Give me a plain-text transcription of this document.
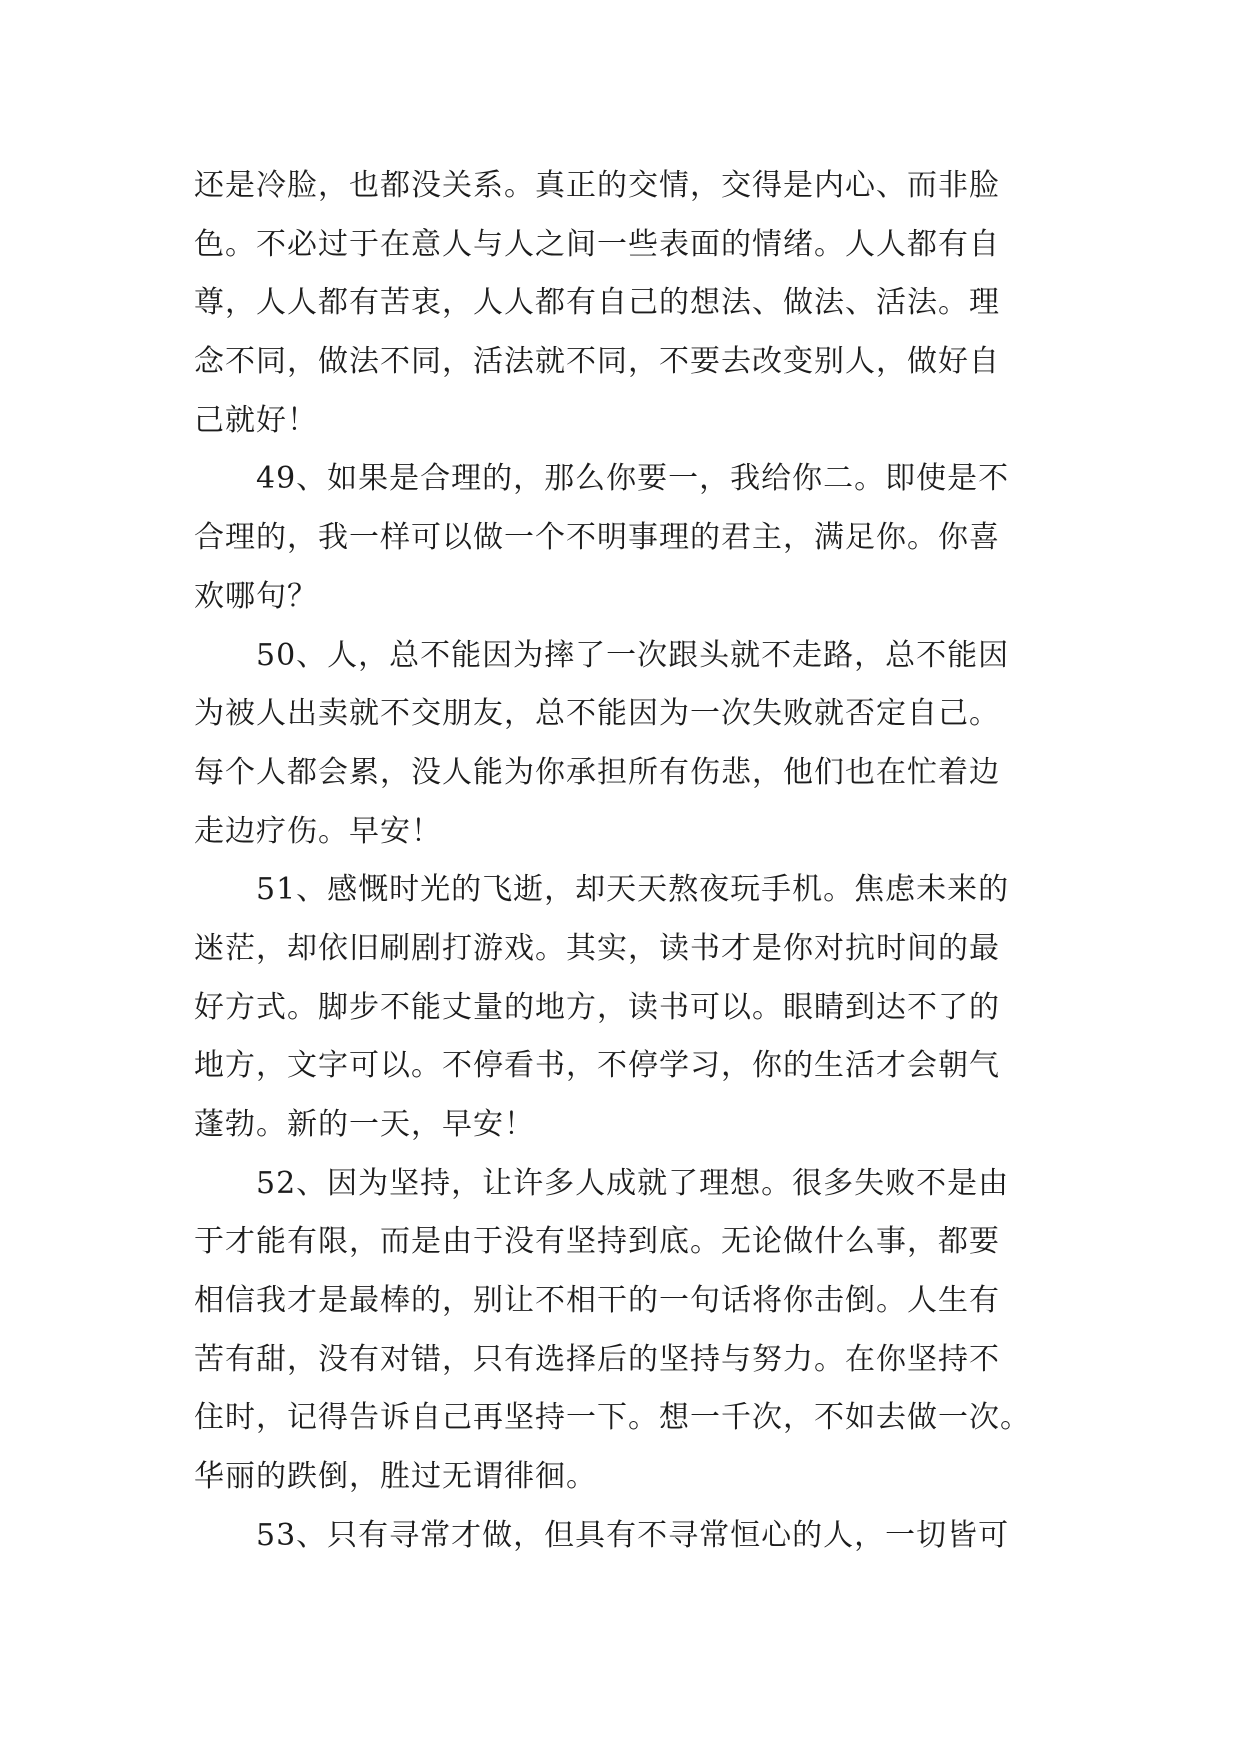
还是冷脸，也都没关系。真正的交情，交得是内心、而非脸
色。不必过于在意人与人之间一些表面的情绪。人人都有自
尊，人人都有苦衷，人人都有自己的想法、做法、活法。理
念不同，做法不同，活法就不同，不要去改变别人，做好自
己就好！

49、如果是合理的，那么你要一，我给你二。即使是不
合理的，我一样可以做一个不明事理的君主，满足你。你喜
欢哪句？

50、人，总不能因为摔了一次跟头就不走路，总不能因
为被人出卖就不交朋友，总不能因为一次失败就否定自己。
每个人都会累，没人能为你承担所有伤悲，他们也在忙着边
走边疗伤。早安！

51、感慨时光的飞逝，却天天熬夜玩手机。焦虑未来的
迷茫，却依旧刷剧打游戏。其实，读书才是你对抗时间的最
好方式。脚步不能丈量的地方，读书可以。眼睛到达不了的
地方，文字可以。不停看书，不停学习，你的生活才会朝气
蓬勃。新的一天，早安！

52、因为坚持，让许多人成就了理想。很多失败不是由
于才能有限，而是由于没有坚持到底。无论做什么事，都要
相信我才是最棒的，别让不相干的一句话将你击倒。人生有
苦有甜，没有对错，只有选择后的坚持与努力。在你坚持不
住时，记得告诉自己再坚持一下。想一千次，不如去做一次。
华丽的跌倒，胜过无谓徘徊。

53、只有寻常才做，但具有不寻常恒心的人，一切皆可
